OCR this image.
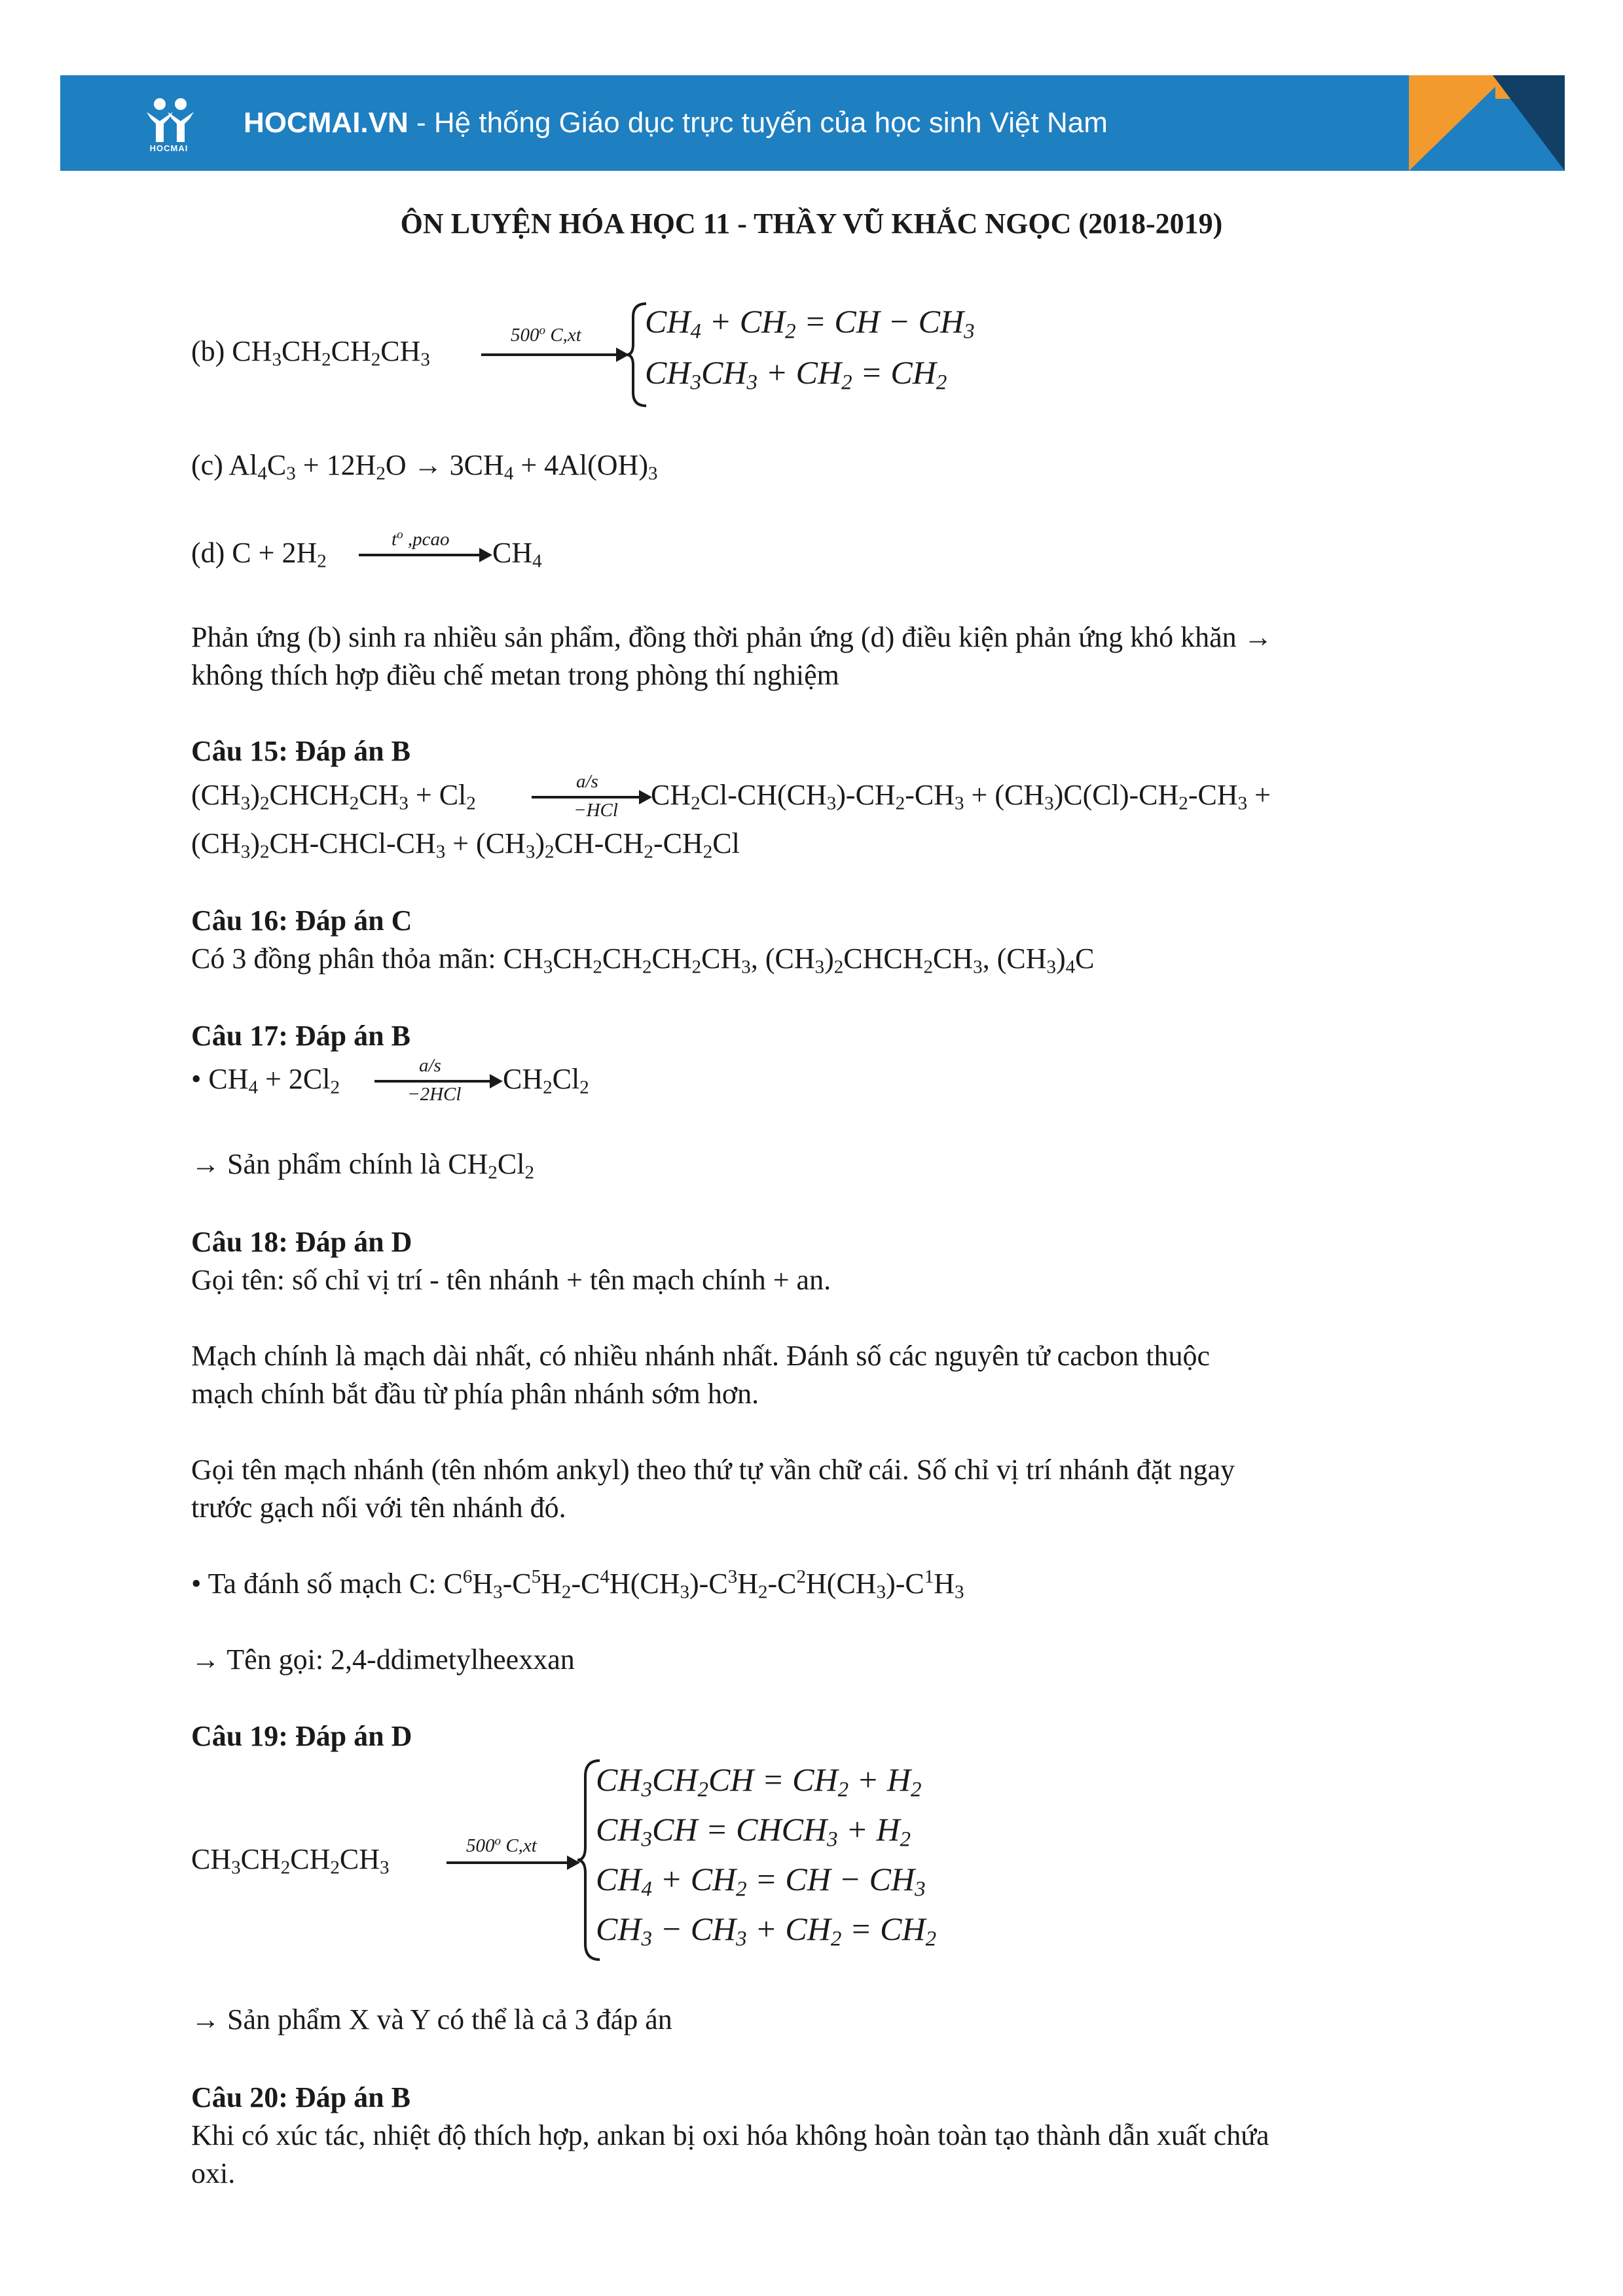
HOCMAI
HOCMAI.VN - Hệ thống Giáo dục trực tuyến của học sinh Việt Nam
ÔN LUYỆN HÓA HỌC 11 - THẦY VŨ KHẮC NGỌC (2018-2019)
(b) $CH_3CH_2CH_2CH_3$
500$^o$ C,xt $CH_4 + CH_2$ = CH − $CH_3$
$CH_3CH_3 + CH_2 = CH_2$
(c) $Al_4C_3 + 12H_2O \to 3CH_4 + 4Al(OH)_3$
(d) $C + 2H_2$
$t^o$ ,pcao $CH_4$
Phản ứng (b) sinh ra nhiều sản phẩm, đồng thời phản ứng (d) điều kiện phản ứng khó khăn →
không thích hợp điều chế metan trong phòng thí nghiệm
Câu 15: Đáp án B
$(CH_3)_2CHCH_2CH_3 + Cl_2$
a/s
−HCl $CH_2Cl-CH(CH_3)-CH_2-CH_3 + (CH_3)C(Cl)-CH_2-CH_3$ +
$(CH_3)_2CH-CHCl-CH_3 + (CH_3)_2CH-CH_2-CH_2Cl$
Câu 16: Đáp án C
Có 3 đồng phân thỏa mãn: $CH_3CH_2CH_2CH_2CH_3$, $(CH_3)_2CHCH_2CH_3$, $(CH_3)_4C$
Câu 17: Đáp án B
• $CH_4 + 2Cl_2$
a/s
−2HCl $CH_2Cl_2$
→ Sản phẩm chính là $CH_2Cl_2$
Câu 18: Đáp án D
Gọi tên: số chỉ vị trí - tên nhánh + tên mạch chính + an.
Mạch chính là mạch dài nhất, có nhiều nhánh nhất. Đánh số các nguyên tử cacbon thuộc
mạch chính bắt đầu từ phía phân nhánh sớm hơn.
Gọi tên mạch nhánh (tên nhóm ankyl) theo thứ tự vần chữ cái. Số chỉ vị trí nhánh đặt ngay
trước gạch nối với tên nhánh đó.
• Ta đánh số mạch C: $C^6H_3-C^5H_2-C^4H(CH_3)-C^3H_2-C^2H(CH_3)-C^1H_3$
→ Tên gọi: 2,4-ddimetylheexxan
Câu 19: Đáp án D
$CH_3CH_2CH_2CH_3$
500$^o$ C,xt
$CH_3CH_2CH = CH_2 + H_2$
$CH_3CH$ = $CHCH_3 + H_2$
$CH_4 + CH_2$ = CH − $CH_3$
$CH_3 - CH_3 + CH_2 = CH_2$
→ Sản phẩm X và Y có thể là cả 3 đáp án
Câu 20: Đáp án B
Khi có xúc tác, nhiệt độ thích hợp, ankan bị oxi hóa không hoàn toàn tạo thành dẫn xuất chứa
oxi.
